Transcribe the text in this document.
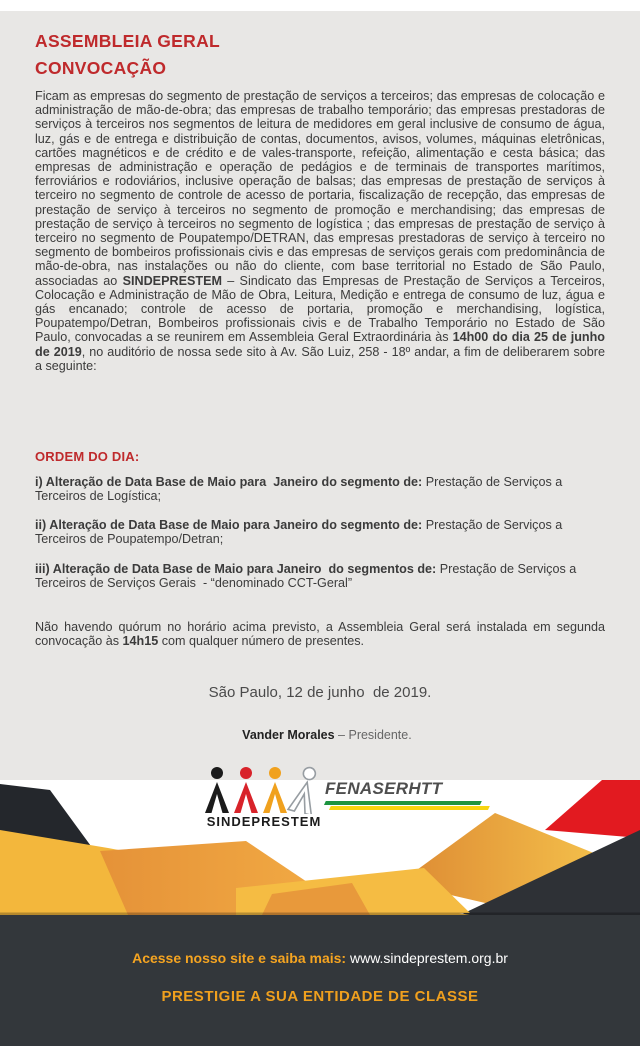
ASSEMBLEIA GERAL
CONVOCAÇÃO
Ficam as empresas do segmento de prestação de serviços a terceiros; das empresas de colocação e administração de mão-de-obra; das empresas de trabalho temporário; das empresas prestadoras de serviços à terceiros nos segmentos de leitura de medidores em geral inclusive de consumo de água, luz, gás e de entrega e distribuição de contas, documentos, avisos, volumes, máquinas eletrônicas, cartões magnéticos e de crédito e de vales-transporte, refeição, alimentação e cesta básica; das empresas de administração e operação de pedágios e de terminais de transportes marítimos, ferroviários e rodoviários, inclusive operação de balsas; das empresas de prestação de serviços à terceiro no segmento de controle de acesso de portaria, fiscalização de recepção, das empresas de prestação de serviço à terceiros no segmento de promoção e merchandising; das empresas de prestação de serviço à terceiros no segmento de logística ; das empresas de prestação de serviço à terceiro no segmento de Poupatempo/DETRAN, das empresas prestadoras de serviço à terceiro no segmento de bombeiros profissionais civis e das empresas de serviços gerais com predominância de mão-de-obra, nas instalações ou não do cliente, com base territorial no Estado de São Paulo, associadas ao SINDEPRESTEM – Sindicato das Empresas de Prestação de Serviços a Terceiros, Colocação e Administração de Mão de Obra, Leitura, Medição e entrega de consumo de luz, água e gás encanado; controle de acesso de portaria, promoção e merchandising, logística, Poupatempo/Detran, Bombeiros profissionais civis e de Trabalho Temporário no Estado de São Paulo, convocadas a se reunirem em Assembleia Geral Extraordinária às 14h00 do dia 25 de junho de 2019, no auditório de nossa sede sito à Av. São Luiz, 258 - 18º andar, a fim de deliberarem sobre a seguinte:
ORDEM DO DIA:
i) Alteração de Data Base de Maio para  Janeiro do segmento de: Prestação de Serviços a Terceiros de Logística;
ii) Alteração de Data Base de Maio para Janeiro do segmento de: Prestação de Serviços a Terceiros de Poupatempo/Detran;
iii) Alteração de Data Base de Maio para Janeiro  do segmentos de: Prestação de Serviços a Terceiros de Serviços Gerais  - “denominado CCT-Geral”
Não havendo quórum no horário acima previsto, a Assembleia Geral será instalada em segunda convocação às 14h15 com qualquer número de presentes.
São Paulo, 12 de junho  de 2019.

Vander Morales – Presidente.

SINDEPRESTEM
FENASERHTT
Acesse nosso site e saiba mais: www.sindeprestem.org.br
PRESTIGIE A SUA ENTIDADE DE CLASSE
